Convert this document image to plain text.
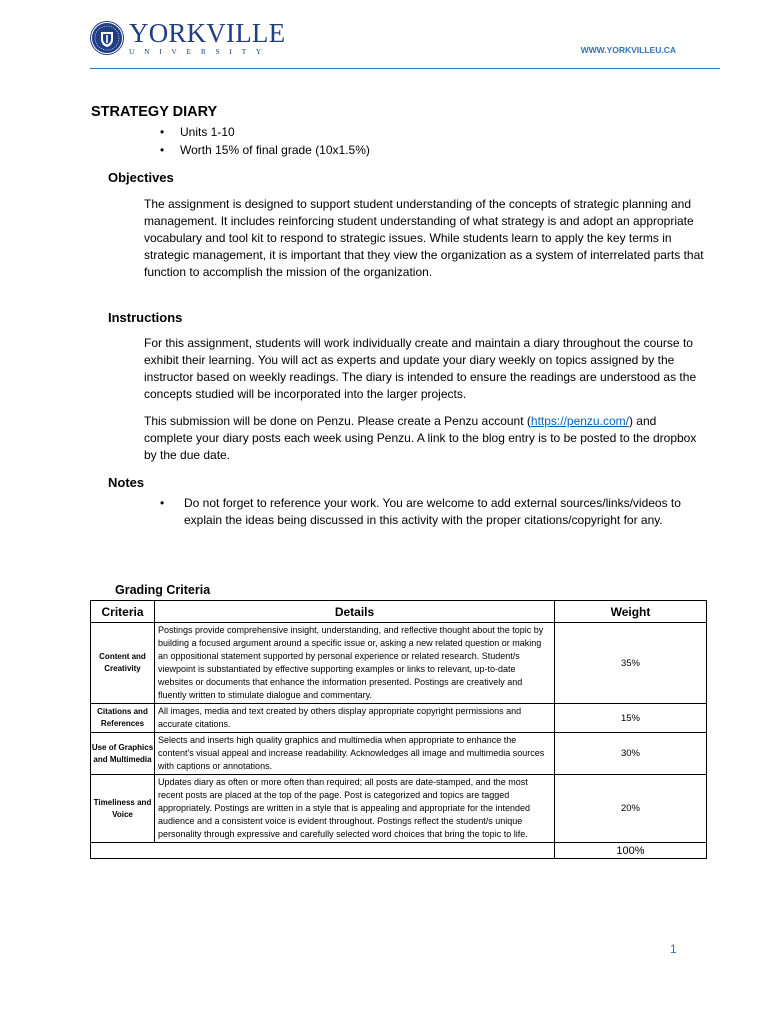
YORKVILLE
UNIVERSITY	WWW.YORKVILLEU.CA
STRATEGY DIARY
• Units 1-10
• Worth 15% of final grade (10x1.5%)
Objectives

The assignment is designed to support student understanding of the concepts of strategic planning and management. It includes reinforcing student understanding of what strategy is and adopt an appropriate vocabulary and tool kit to respond to strategic issues. While students learn to apply the key terms in strategic management, it is important that they view the organization as a system of interrelated parts that function to accomplish the mission of the organization.

Instructions

For this assignment, students will work individually create and maintain a diary throughout the course to exhibit their learning. You will act as experts and update your diary weekly on topics assigned by the instructor based on weekly readings. The diary is intended to ensure the readings are understood as the concepts studied will be incorporated into the larger projects.

This submission will be done on Penzu. Please create a Penzu account (https://penzu.com/) and complete your diary posts each week using Penzu. A link to the blog entry is to be posted to the dropbox by the due date.

Notes
• Do not forget to reference your work. You are welcome to add external sources/links/videos to explain the ideas being discussed in this activity with the proper citations/copyright for any.
Grading Criteria
Criteria	Details	Weight
Content and Creativity	Postings provide comprehensive insight, understanding, and reflective thought about the topic by building a focused argument around a specific issue or, asking a new related question or making an oppositional statement supported by personal experience or related research. Student/s viewpoint is substantiated by effective supporting examples or links to relevant, up-to-date websites or documents that enhance the information presented. Postings are creatively and fluently written to stimulate dialogue and commentary.	35%
Citations and References	All images, media and text created by others display appropriate copyright permissions and accurate citations.	15%
Use of Graphics and Multimedia	Selects and inserts high quality graphics and multimedia when appropriate to enhance the content's visual appeal and increase readability. Acknowledges all image and multimedia sources with captions or annotations.	30%
Timeliness and Voice	Updates diary as often or more often than required; all posts are date-stamped, and the most recent posts are placed at the top of the page. Post is categorized and topics are tagged appropriately. Postings are written in a style that is appealing and appropriate for the intended audience and a consistent voice is evident throughout. Postings reflect the student/s unique personality through expressive and carefully selected word choices that bring the topic to life.	20%
		100%
1
